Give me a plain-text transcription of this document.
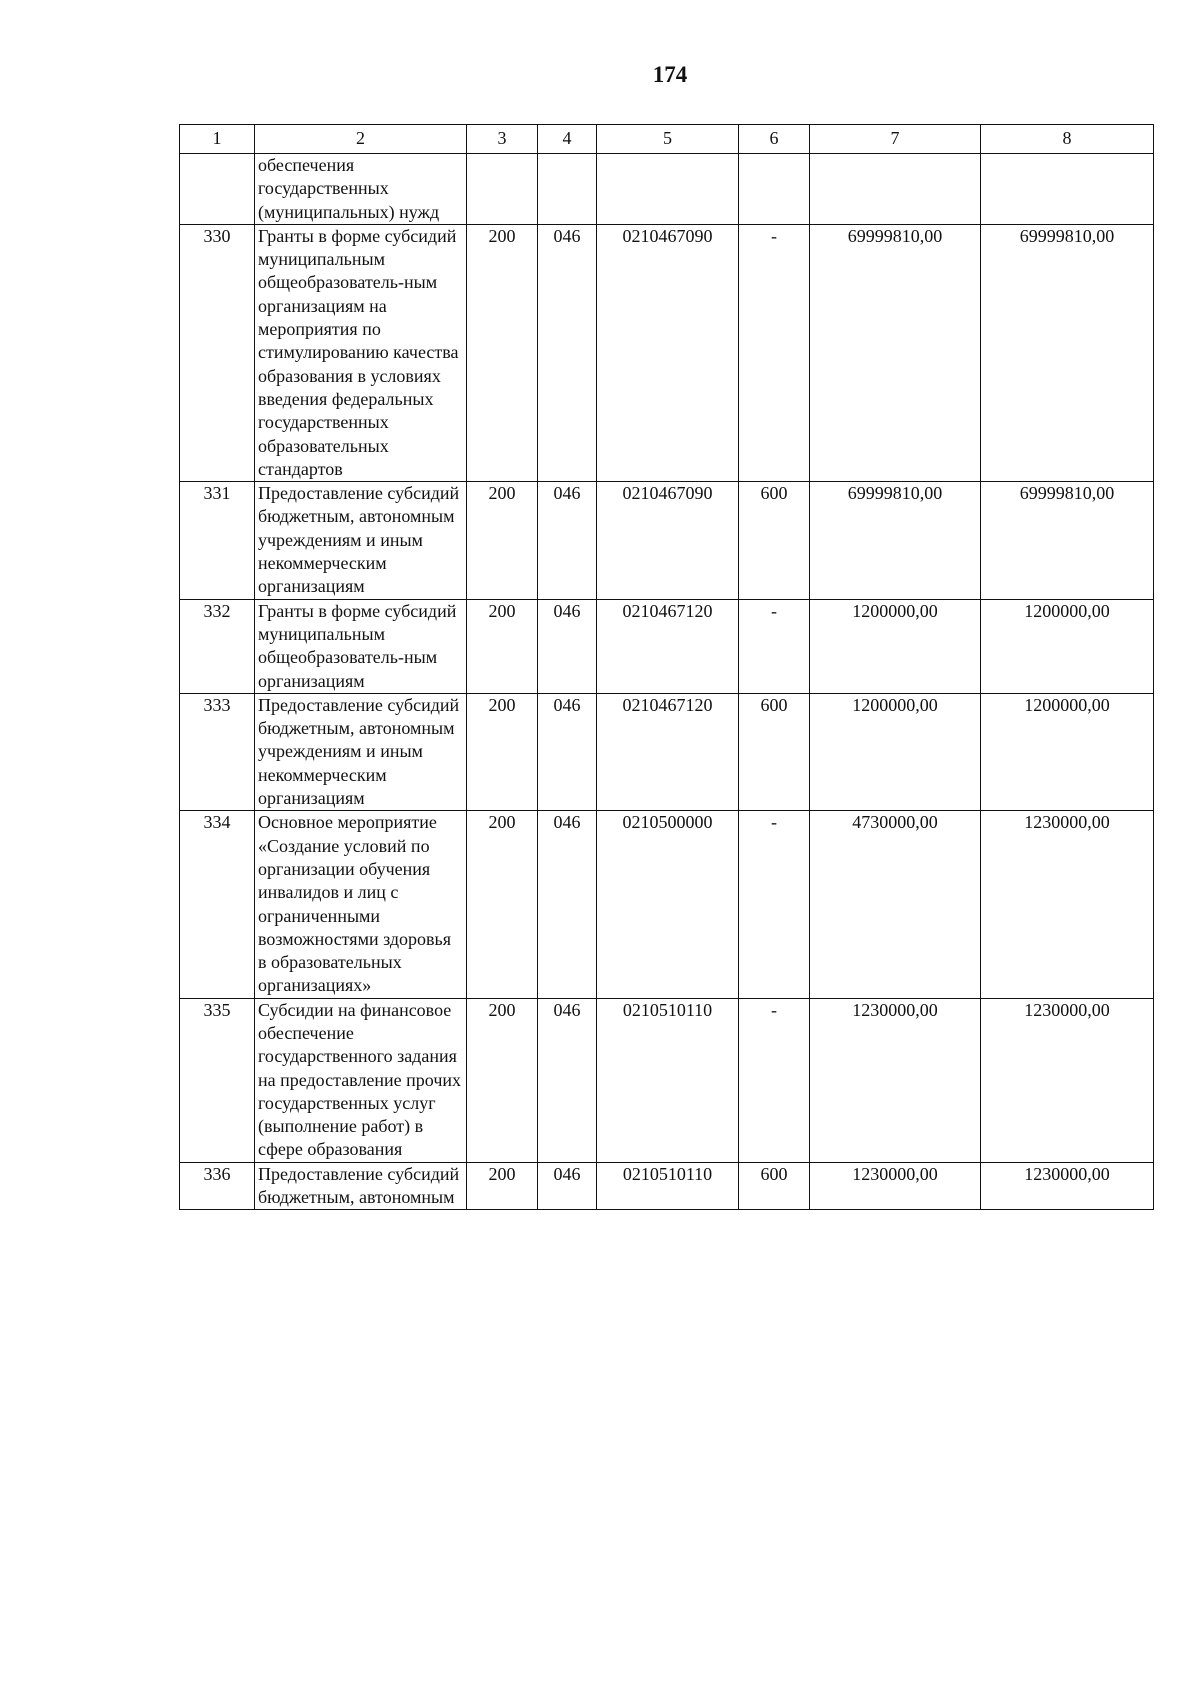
174
1	2	3	4	5	6	7	8
	обеспечения государственных (муниципальных) нужд						
330	Гранты в форме субсидий муниципальным общеобразователь-ным организациям на мероприятия по стимулированию качества образования в условиях введения федеральных государственных образовательных стандартов	200	046	0210467090	-	69999810,00	69999810,00
331	Предоставление субсидий бюджетным, автономным учреждениям и иным некоммерческим организациям	200	046	0210467090	600	69999810,00	69999810,00
332	Гранты в форме субсидий муниципальным общеобразователь-ным организациям	200	046	0210467120	-	1200000,00	1200000,00
333	Предоставление субсидий бюджетным, автономным учреждениям и иным некоммерческим организациям	200	046	0210467120	600	1200000,00	1200000,00
334	Основное мероприятие «Создание условий по организации обучения инвалидов и лиц с ограниченными возможностями здоровья в образовательных организациях»	200	046	0210500000	-	4730000,00	1230000,00
335	Субсидии на финансовое обеспечение государственного задания на предоставление прочих государственных услуг (выполнение работ) в сфере образования	200	046	0210510110	-	1230000,00	1230000,00
336	Предоставление субсидий бюджетным, автономным	200	046	0210510110	600	1230000,00	1230000,00
